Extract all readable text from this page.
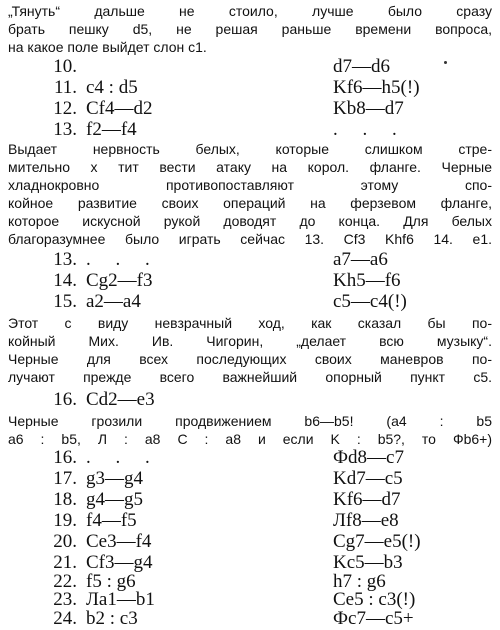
„Тянуть“ дальше не стоило, лучше было сразу
брать пешку d5, не решая раньше времени вопроса,
на какое поле выйдет слон c1.
10.	d7—d6
11. c4 : d5	Kf6—h5(!)
12. Cf4—d2	Kb8—d7
13. f2—f4	. . .
Выдает нервность белых, которые слишком стре-
мительно х тит вести атаку на корол. фланге. Черные
хладнокровно противопоставляют этому спо-
койное развитие своих операций на ферзевом фланге,
которое искусной рукой доводят до конца. Для белых
благоразумнее было играть сейчас 13. Cf3 Khf6 14. e1.
13. . . .	a7—a6
14. Cg2—f3	Kh5—f6
15. a2—a4	c5—c4(!)
Этот с виду невзрачный ход, как сказал бы по-
койный Мих. Ив. Чигорин, „делает всю музыку“.
Черные для всех последующих своих маневров по-
лучают прежде всего важнейший опорный пункт c5.
16. Cd2—e3
Черные грозили продвижением b6—b5! (a4 : b5
a6 : b5, Л : a8 C : a8 и если K : b5?, то Фb6+)
16. . . .	Фd8—c7
17. g3—g4	Kd7—c5
18. g4—g5	Kf6—d7
19. f4—f5	Лf8—e8
20. Ce3—f4	Cg7—e5(!)
21. Cf3—g4	Kc5—b3
22. f5 : g6	h7 : g6
23. Лa1—b1	Ce5 : c3(!)
24. b2 : c3	Фc7—c5+
